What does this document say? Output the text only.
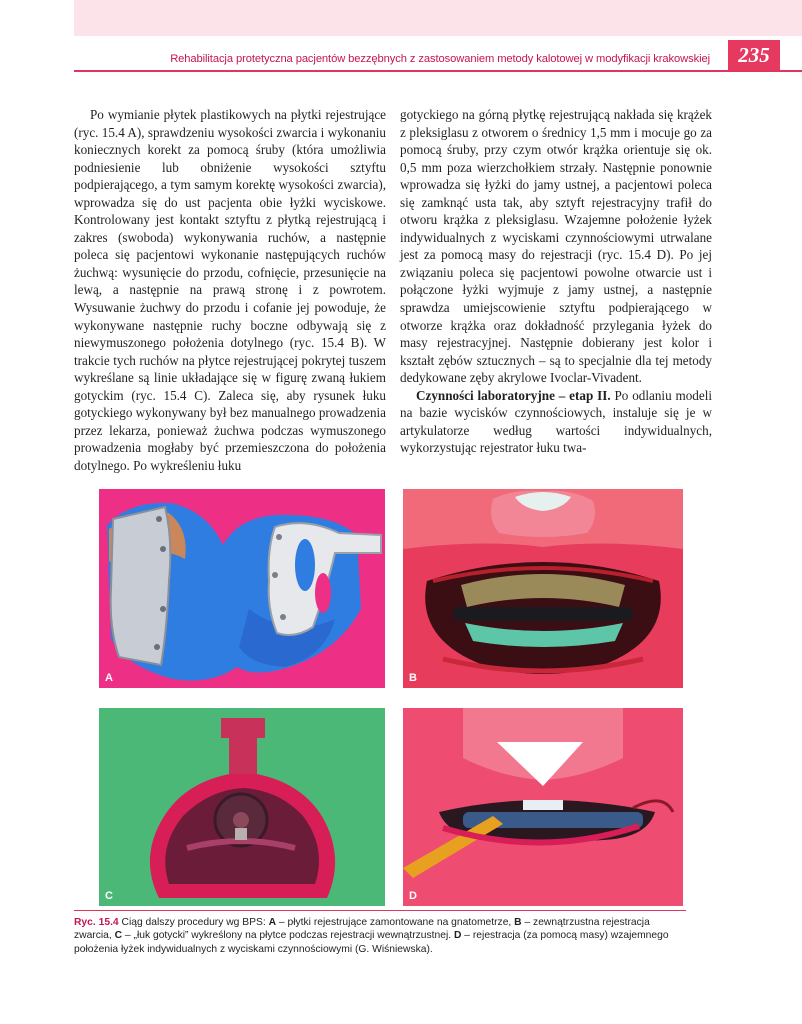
Rehabilitacja protetyczna pacjentów bezzębnych z zastosowaniem metody kalotowej w modyfikacji krakowskiej	235

Po wymianie płytek plastikowych na płytki rejestrujące (ryc. 15.4 A), sprawdzeniu wysokości zwarcia i wykonaniu koniecznych korekt za pomocą śruby (która umożliwia podniesienie lub obniżenie wysokości sztyftu podpierającego, a tym samym korektę wysokości zwarcia), wprowadza się do ust pacjenta obie łyżki wyciskowe. Kontrolowany jest kontakt sztyftu z płytką rejestrującą i zakres (swoboda) wykonywania ruchów, a następnie poleca się pacjentowi wykonanie następujących ruchów żuchwą: wysunięcie do przodu, cofnięcie, przesunięcie na lewą, a następnie na prawą stronę i z powrotem. Wysuwanie żuchwy do przodu i cofanie jej powoduje, że wykonywane następnie ruchy boczne odbywają się z niewymuszonego położenia dotylnego (ryc. 15.4 B). W trakcie tych ruchów na płytce rejestrującej pokrytej tuszem wykreślane są linie układające się w figurę zwaną łukiem gotyckim (ryc. 15.4 C). Zaleca się, aby rysunek łuku gotyckiego wykonywany był bez manualnego prowadzenia przez lekarza, ponieważ żuchwa podczas wymuszonego prowadzenia mogłaby być przemieszczona do położenia dotylnego. Po wykreśleniu łuku

gotyckiego na górną płytkę rejestrującą nakłada się krążek z pleksiglasu z otworem o średnicy 1,5 mm i mocuje go za pomocą śruby, przy czym otwór krążka orientuje się ok. 0,5 mm poza wierzchołkiem strzały. Następnie ponownie wprowadza się łyżki do jamy ustnej, a pacjentowi poleca się zamknąć usta tak, aby sztyft rejestracyjny trafił do otworu krążka z pleksiglasu. Wzajemne położenie łyżek indywidualnych z wyciskami czynnościowymi utrwalane jest za pomocą masy do rejestracji (ryc. 15.4 D). Po jej związaniu poleca się pacjentowi powolne otwarcie ust i połączone łyżki wyjmuje z jamy ustnej, a następnie sprawdza umiejscowienie sztyftu podpierającego w otworze krążka oraz dokładność przylegania łyżek do masy rejestracyjnej. Następnie dobierany jest kolor i kształt zębów sztucznych – są to specjalnie dla tej metody dedykowane zęby akrylowe Ivoclar-Vivadent.

Czynności laboratoryjne – etap II. Po odlaniu modeli na bazie wycisków czynnościowych, instaluje się je w artykulatorze według wartości indywidualnych, wykorzystując rejestrator łuku twa-

A	B
C	D
Ryc. 15.4 Ciąg dalszy procedury wg BPS: A – płytki rejestrujące zamontowane na gnatometrze, B – zewnątrzustna rejestracja zwarcia, C – „łuk gotycki” wykreślony na płytce podczas rejestracji wewnątrzustnej. D – rejestracja (za pomocą masy) wzajemnego położenia łyżek indywidualnych z wyciskami czynnościowymi (G. Wiśniewska).
